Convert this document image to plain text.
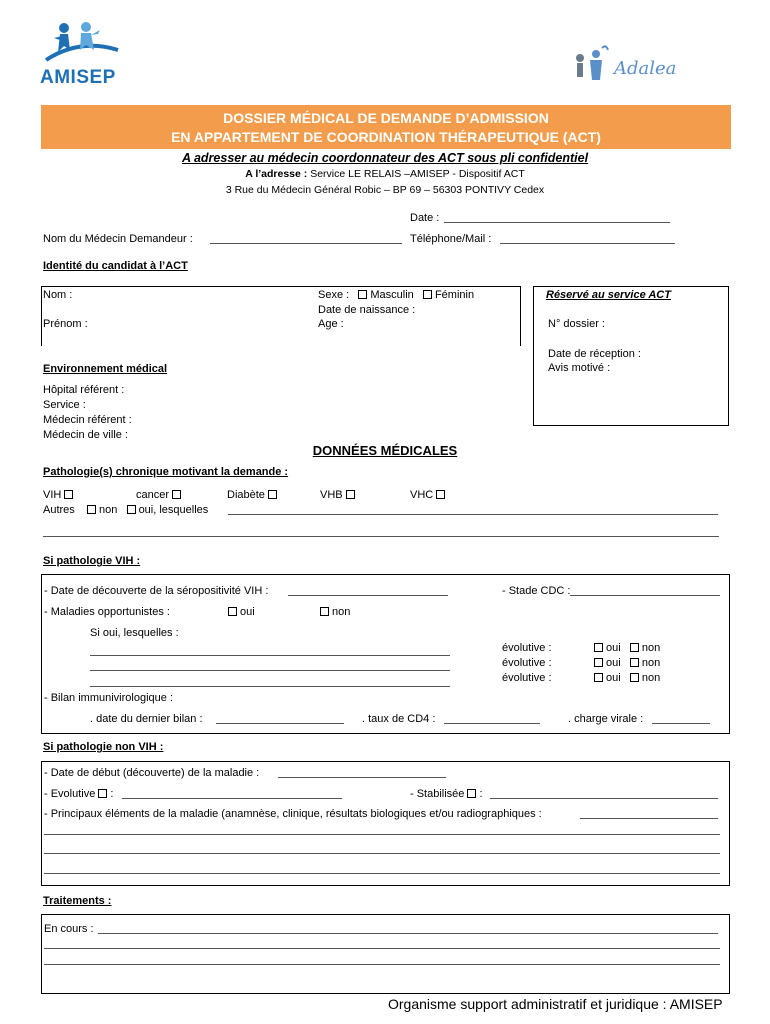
AMISEP	Adalea
DOSSIER MÉDICAL DE DEMANDE D’ADMISSION
EN APPARTEMENT DE COORDINATION THÉRAPEUTIQUE (ACT)
A adresser au médecin coordonnateur des ACT sous pli confidentiel
A l’adresse : Service LE RELAIS –AMISEP - Dispositif ACT
3 Rue du Médecin Général Robic – BP 69 – 56303 PONTIVY Cedex
Date :
Nom du Médecin Demandeur :	Téléphone/Mail :
Identité du candidat à l’ACT
Nom :
Prénom :
Sexe : Masculin Féminin
Date de naissance :
Age :
Réservé au service ACT
N° dossier :
Date de réception :
Avis motivé :
Environnement médical
Hôpital référent :
Service :
Médecin référent :
Médecin de ville :
DONNÉES MÉDICALES
Pathologie(s) chronique motivant la demande :
VIH	cancer	Diabète	VHB	VHC
Autres non oui, lesquelles
Si pathologie VIH :
- Date de découverte de la séropositivité VIH :	- Stade CDC :
- Maladies opportunistes :	oui	non
Si oui, lesquelles :
évolutive :	oui non
évolutive :	oui non
évolutive :	oui non
- Bilan immunivirologique :
. date du dernier bilan :	. taux de CD4 :	. charge virale :
Si pathologie non VIH :
- Date de début (découverte) de la maladie :
- Evolutive :	- Stabilisée :
- Principaux éléments de la maladie (anamnèse, clinique, résultats biologiques et/ou radiographiques :
Traitements :
En cours :
Organisme support administratif et juridique : AMISEP
